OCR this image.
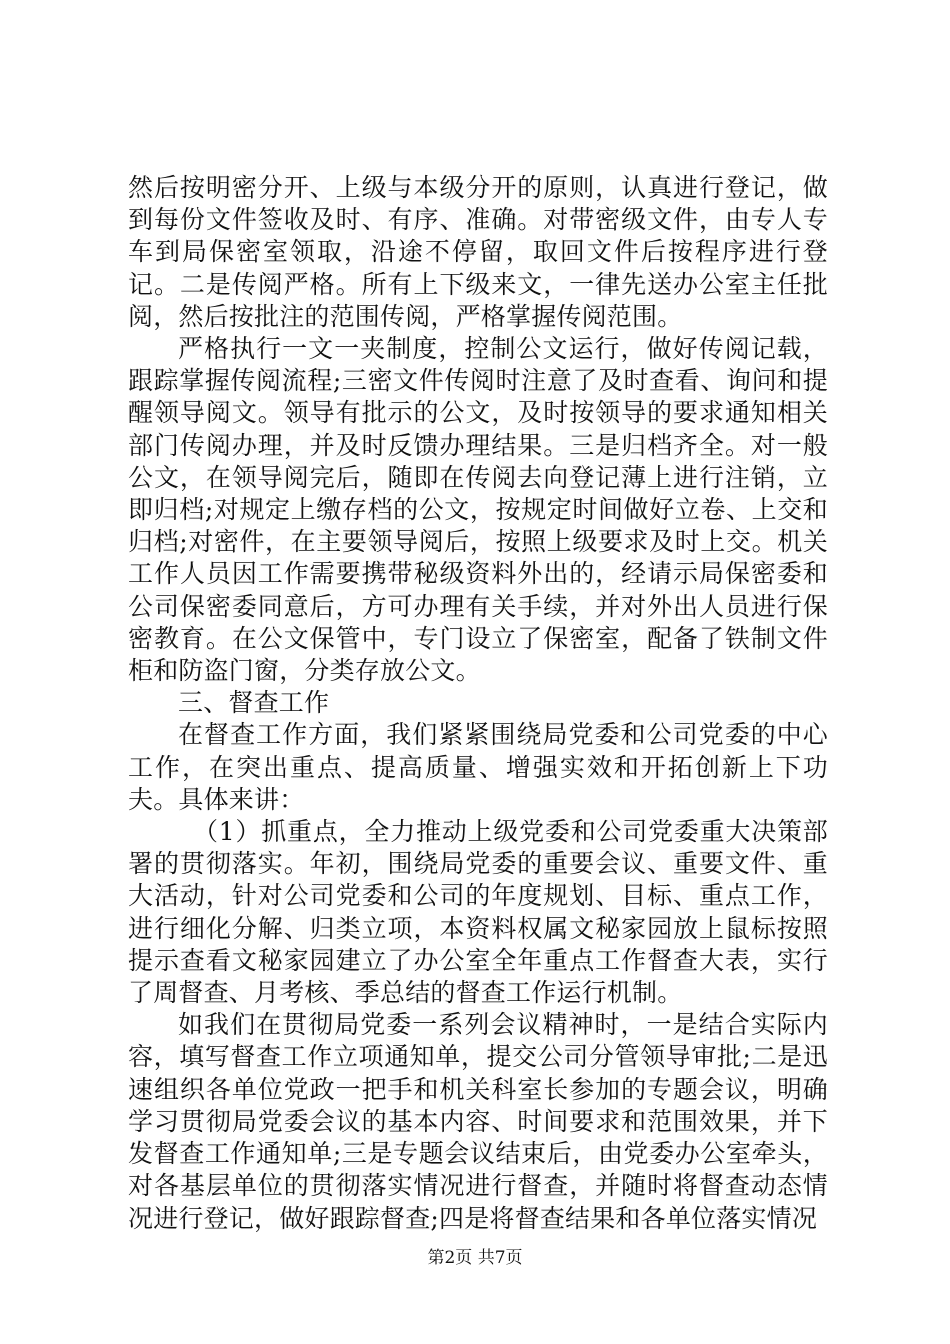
然后按明密分开、上级与本级分开的原则，认真进行登记，做到每份文件签收及时、有序、准确。对带密级文件，由专人专车到局保密室领取，沿途不停留，取回文件后按程序进行登记。二是传阅严格。所有上下级来文，一律先送办公室主任批阅，然后按批注的范围传阅，严格掌握传阅范围。

严格执行一文一夹制度，控制公文运行，做好传阅记载，跟踪掌握传阅流程;三密文件传阅时注意了及时查看、询问和提醒领导阅文。领导有批示的公文，及时按领导的要求通知相关部门传阅办理，并及时反馈办理结果。三是归档齐全。对一般公文，在领导阅完后，随即在传阅去向登记薄上进行注销，立即归档;对规定上缴存档的公文，按规定时间做好立卷、上交和归档;对密件，在主要领导阅后，按照上级要求及时上交。机关工作人员因工作需要携带秘级资料外出的，经请示局保密委和公司保密委同意后，方可办理有关手续，并对外出人员进行保密教育。在公文保管中，专门设立了保密室，配备了铁制文件柜和防盗门窗，分类存放公文。

三、督查工作

在督查工作方面，我们紧紧围绕局党委和公司党委的中心工作，在突出重点、提高质量、增强实效和开拓创新上下功夫。具体来讲：

（1）抓重点，全力推动上级党委和公司党委重大决策部署的贯彻落实。年初，围绕局党委的重要会议、重要文件、重大活动，针对公司党委和公司的年度规划、目标、重点工作，进行细化分解、归类立项，本资料权属文秘家园放上鼠标按照提示查看文秘家园建立了办公室全年重点工作督查大表，实行了周督查、月考核、季总结的督查工作运行机制。

如我们在贯彻局党委一系列会议精神时，一是结合实际内容，填写督查工作立项通知单，提交公司分管领导审批;二是迅速组织各单位党政一把手和机关科室长参加的专题会议，明确学习贯彻局党委会议的基本内容、时间要求和范围效果，并下发督查工作通知单;三是专题会议结束后，由党委办公室牵头，对各基层单位的贯彻落实情况进行督查，并随时将督查动态情况进行登记，做好跟踪督查;四是将督查结果和各单位落实情况

第2页 共7页
